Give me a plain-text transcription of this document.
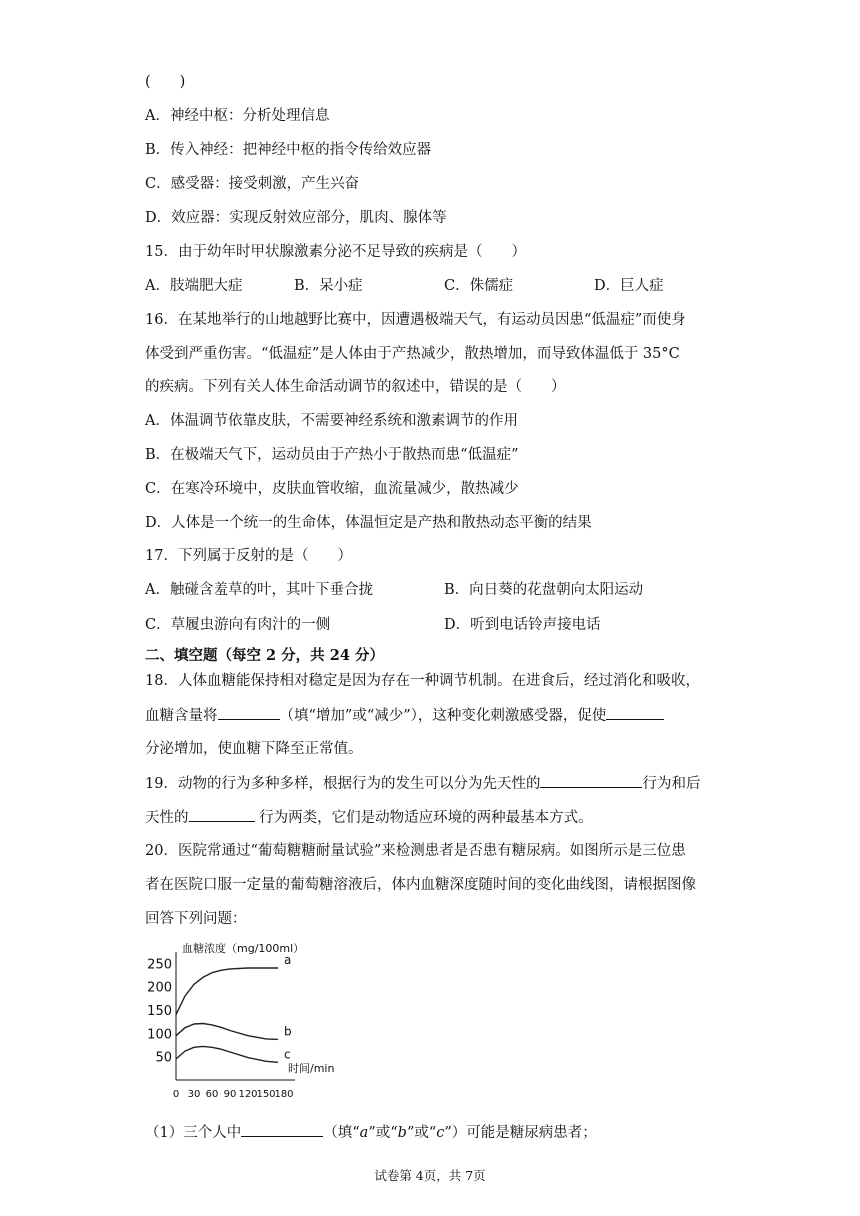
(　　)
A．神经中枢：分析处理信息
B．传入神经：把神经中枢的指令传给效应器
C．感受器：接受刺激，产生兴奋
D．效应器：实现反射效应部分，肌肉、腺体等
15．由于幼年时甲状腺激素分泌不足导致的疾病是（　　）
A．肢端肥大症	B．呆小症	C．侏儒症	D．巨人症
16．在某地举行的山地越野比赛中，因遭遇极端天气，有运动员因患“低温症”而使身
体受到严重伤害。“低温症”是人体由于产热减少，散热增加，而导致体温低于 35°C
的疾病。下列有关人体生命活动调节的叙述中，错误的是（　　）
A．体温调节依靠皮肤，不需要神经系统和激素调节的作用
B．在极端天气下，运动员由于产热小于散热而患“低温症”
C．在寒冷环境中，皮肤血管收缩，血流量减少，散热减少
D．人体是一个统一的生命体，体温恒定是产热和散热动态平衡的结果
17．下列属于反射的是（　　）
A．触碰含羞草的叶，其叶下垂合拢	B．向日葵的花盘朝向太阳运动
C．草履虫游向有肉汁的一侧	D．听到电话铃声接电话
二、填空题（每空 2 分，共 24 分）
18．人体血糖能保持相对稳定是因为存在一种调节机制。在进食后，经过消化和吸收，
血糖含量将	（填“增加”或“减少”），这种变化刺激感受器，促使
分泌增加，使血糖下降至正常值。
19．动物的行为多种多样，根据行为的发生可以分为先天性的	行为和后
天性的	行为两类，它们是动物适应环境的两种最基本方式。
20．医院常通过“葡萄糖糖耐量试验”来检测患者是否患有糖尿病。如图所示是三位患
者在医院口服一定量的葡萄糖溶液后，体内血糖深度随时间的变化曲线图，请根据图像
回答下列问题：
血糖浓度（mg/100ml）
时间/min
0 30 60 90 120
150
180
50
100
150
200
250	a
b
c
（1）三个人中	（填“a”或“b”或“c”）可能是糖尿病患者；
试卷第 4页，共 7页
